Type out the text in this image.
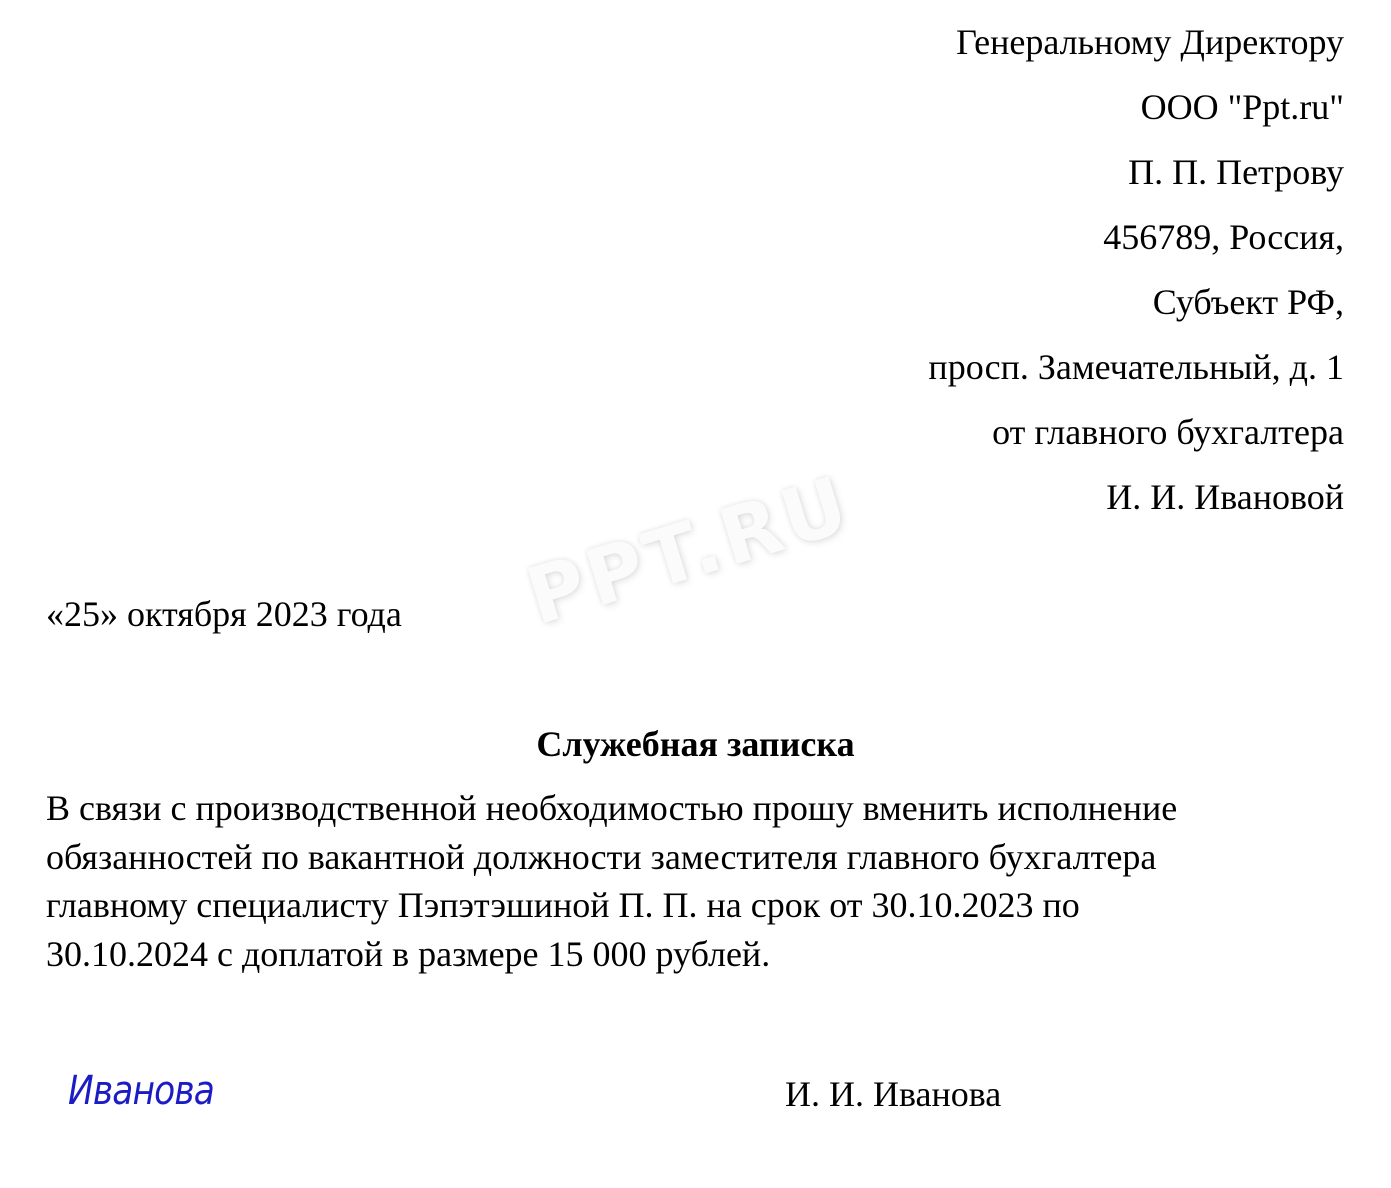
Генеральному Директору
ООО "Ppt.ru"
П. П. Петрову
456789, Россия,
Субъект РФ,
просп. Замечательный, д. 1
от главного бухгалтера
И. И. Ивановой
«25» октября 2023 года PPT.RU
Служебная записка
В связи с производственной необходимостью прошу вменить исполнение
обязанностей по вакантной должности заместителя главного бухгалтера
главному специалисту Пэпэтэшиной П. П. на срок от 30.10.2023 по
30.10.2024 с доплатой в размере 15 000 рублей.
Иванова	И. И. Иванова
